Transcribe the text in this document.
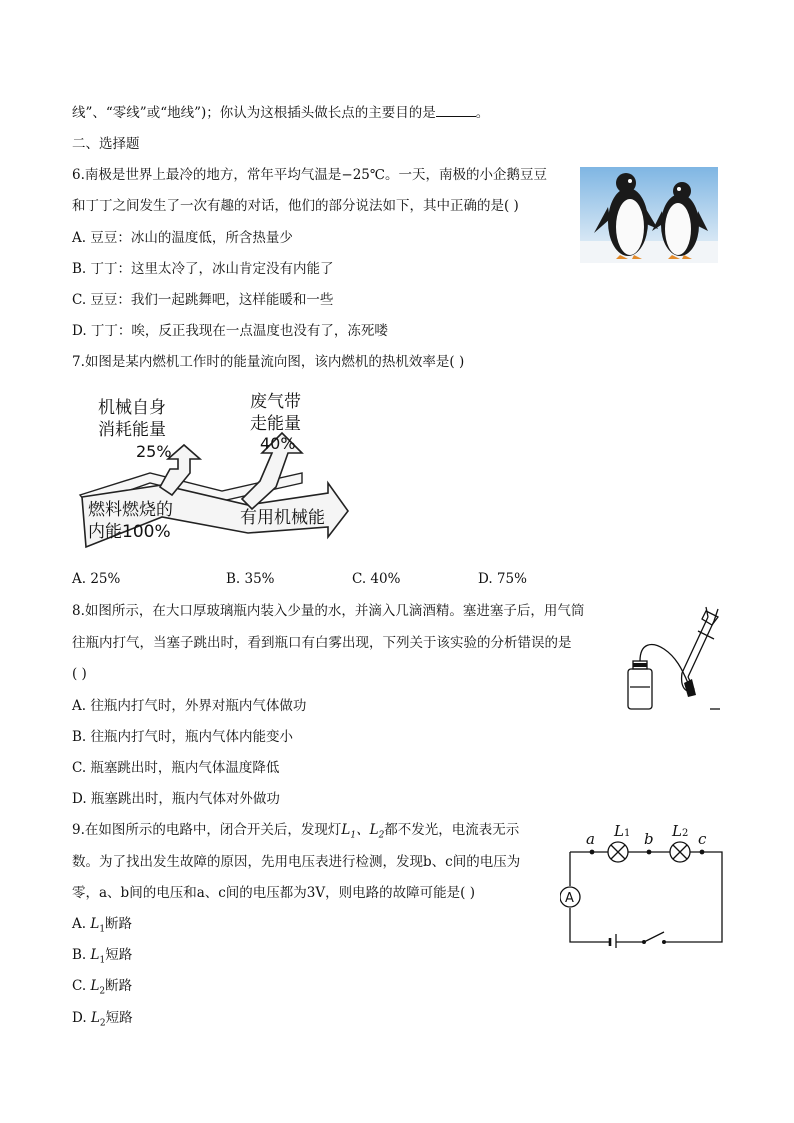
线”、“零线”或“地线”)；你认为这根插头做长点的主要目的是	。
二、选择题
6.南极是世界上最冷的地方，常年平均气温是−25℃。一天，南极的小企鹅豆豆
和丁丁之间发生了一次有趣的对话，他们的部分说法如下，其中正确的是( )
A. 豆豆：冰山的温度低，所含热量少
B. 丁丁：这里太冷了，冰山肯定没有内能了
C. 豆豆：我们一起跳舞吧，这样能暖和一些
D. 丁丁：唉，反正我现在一点温度也没有了，冻死喽
7.如图是某内燃机工作时的能量流向图，该内燃机的热机效率是( )
机械自身
消耗能量
25%
废气带
走能量
40%
燃料燃烧的
内能100%
有用机械能
A. 25%	B. 35%	C. 40%	D. 75%
8.如图所示，在大口厚玻璃瓶内装入少量的水，并滴入几滴酒精。塞进塞子后，用气筒
往瓶内打气，当塞子跳出时，看到瓶口有白雾出现，下列关于该实验的分析错误的是
( )
A. 往瓶内打气时，外界对瓶内气体做功
B. 往瓶内打气时，瓶内气体内能变小
C. 瓶塞跳出时，瓶内气体温度降低
D. 瓶塞跳出时，瓶内气体对外做功
9.在如图所示的电路中，闭合开关后，发现灯$L_1$、$L_2$都不发光，电流表无示
数。为了找出发生故障的原因，先用电压表进行检测，发现b、c间的电压为
零，a、b间的电压和a、c间的电压都为3V，则电路的故障可能是( )
A. $L_1$断路
B. $L_1$短路
C. $L_2$断路
D. $L_2$短路
a	b	c
L1	L2
A
